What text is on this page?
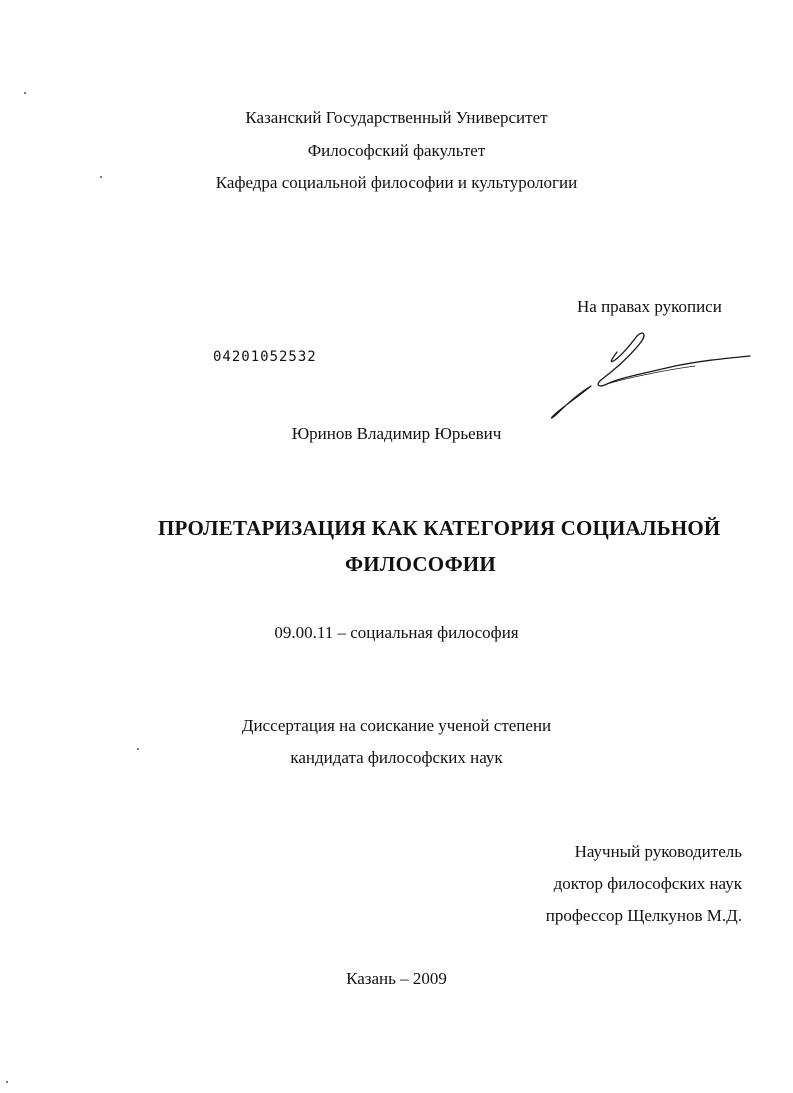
Казанский Государственный Университет
Философский факультет
Кафедра социальной философии и культурологии
На правах рукописи
04201052532
Юринов Владимир Юрьевич
ПРОЛЕТАРИЗАЦИЯ КАК КАТЕГОРИЯ СОЦИАЛЬНОЙ
ФИЛОСОФИИ
09.00.11 – социальная философия
Диссертация на соискание ученой степени
кандидата философских наук
Научный руководитель
доктор философских наук
профессор Щелкунов М.Д.
Казань – 2009
